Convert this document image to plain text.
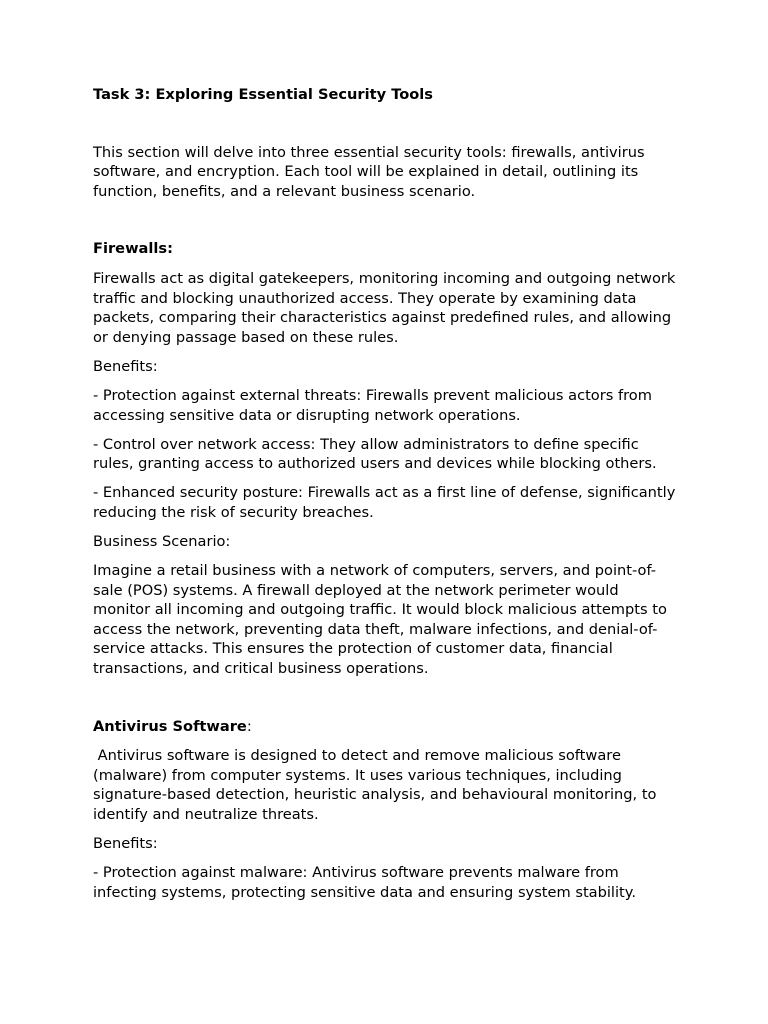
Task 3: Exploring Essential Security Tools

This section will delve into three essential security tools: firewalls, antivirus software, and encryption. Each tool will be explained in detail, outlining its function, benefits, and a relevant business scenario.

Firewalls:

Firewalls act as digital gatekeepers, monitoring incoming and outgoing network traffic and blocking unauthorized access. They operate by examining data packets, comparing their characteristics against predefined rules, and allowing or denying passage based on these rules.

Benefits:

- Protection against external threats: Firewalls prevent malicious actors from accessing sensitive data or disrupting network operations.

- Control over network access: They allow administrators to define specific rules, granting access to authorized users and devices while blocking others.

- Enhanced security posture: Firewalls act as a first line of defense, significantly reducing the risk of security breaches.

Business Scenario:

Imagine a retail business with a network of computers, servers, and point-of-sale (POS) systems. A firewall deployed at the network perimeter would monitor all incoming and outgoing traffic. It would block malicious attempts to access the network, preventing data theft, malware infections, and denial-of-service attacks. This ensures the protection of customer data, financial transactions, and critical business operations.

Antivirus Software:

Antivirus software is designed to detect and remove malicious software (malware) from computer systems. It uses various techniques, including signature-based detection, heuristic analysis, and behavioural monitoring, to identify and neutralize threats.

Benefits:

- Protection against malware: Antivirus software prevents malware from infecting systems, protecting sensitive data and ensuring system stability.
